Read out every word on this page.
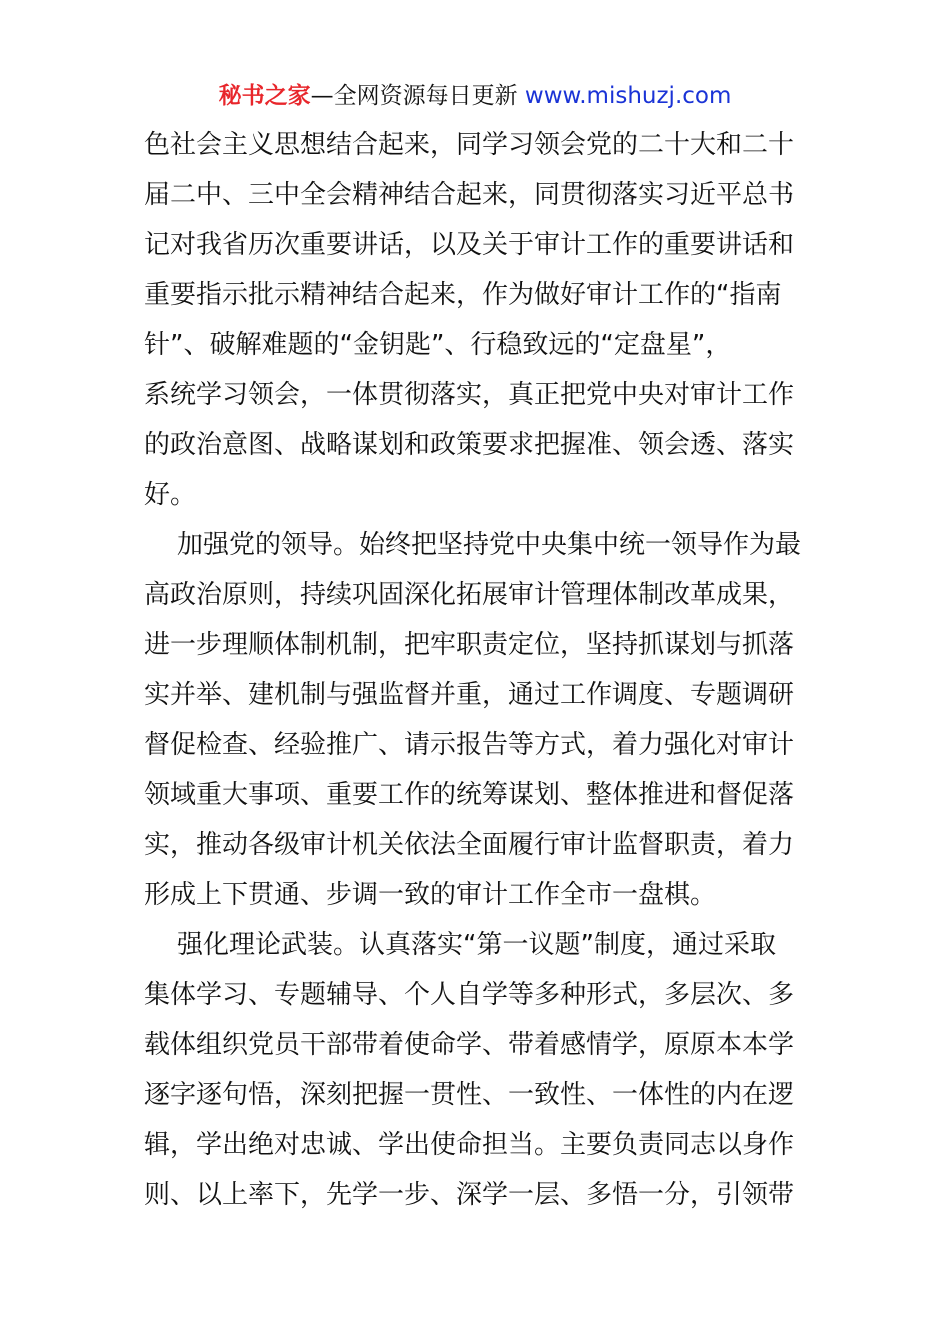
秘书之家—全网资源每日更新 www.mishuzj.com
色社会主义思想结合起来，同学习领会党的二十大和二十
届二中、三中全会精神结合起来，同贯彻落实习近平总书
记对我省历次重要讲话，以及关于审计工作的重要讲话和
重要指示批示精神结合起来，作为做好审计工作的“指南
针”、破解难题的“金钥匙”、行稳致远的“定盘星”，
系统学习领会，一体贯彻落实，真正把党中央对审计工作
的政治意图、战略谋划和政策要求把握准、领会透、落实
好。
加强党的领导。始终把坚持党中央集中统一领导作为最
高政治原则，持续巩固深化拓展审计管理体制改革成果，
进一步理顺体制机制，把牢职责定位，坚持抓谋划与抓落
实并举、建机制与强监督并重，通过工作调度、专题调研
督促检查、经验推广、请示报告等方式，着力强化对审计
领域重大事项、重要工作的统筹谋划、整体推进和督促落
实，推动各级审计机关依法全面履行审计监督职责，着力
形成上下贯通、步调一致的审计工作全市一盘棋。
强化理论武装。认真落实“第一议题”制度，通过采取
集体学习、专题辅导、个人自学等多种形式，多层次、多
载体组织党员干部带着使命学、带着感情学，原原本本学
逐字逐句悟，深刻把握一贯性、一致性、一体性的内在逻
辑，学出绝对忠诚、学出使命担当。主要负责同志以身作
则、以上率下，先学一步、深学一层、多悟一分，引领带
